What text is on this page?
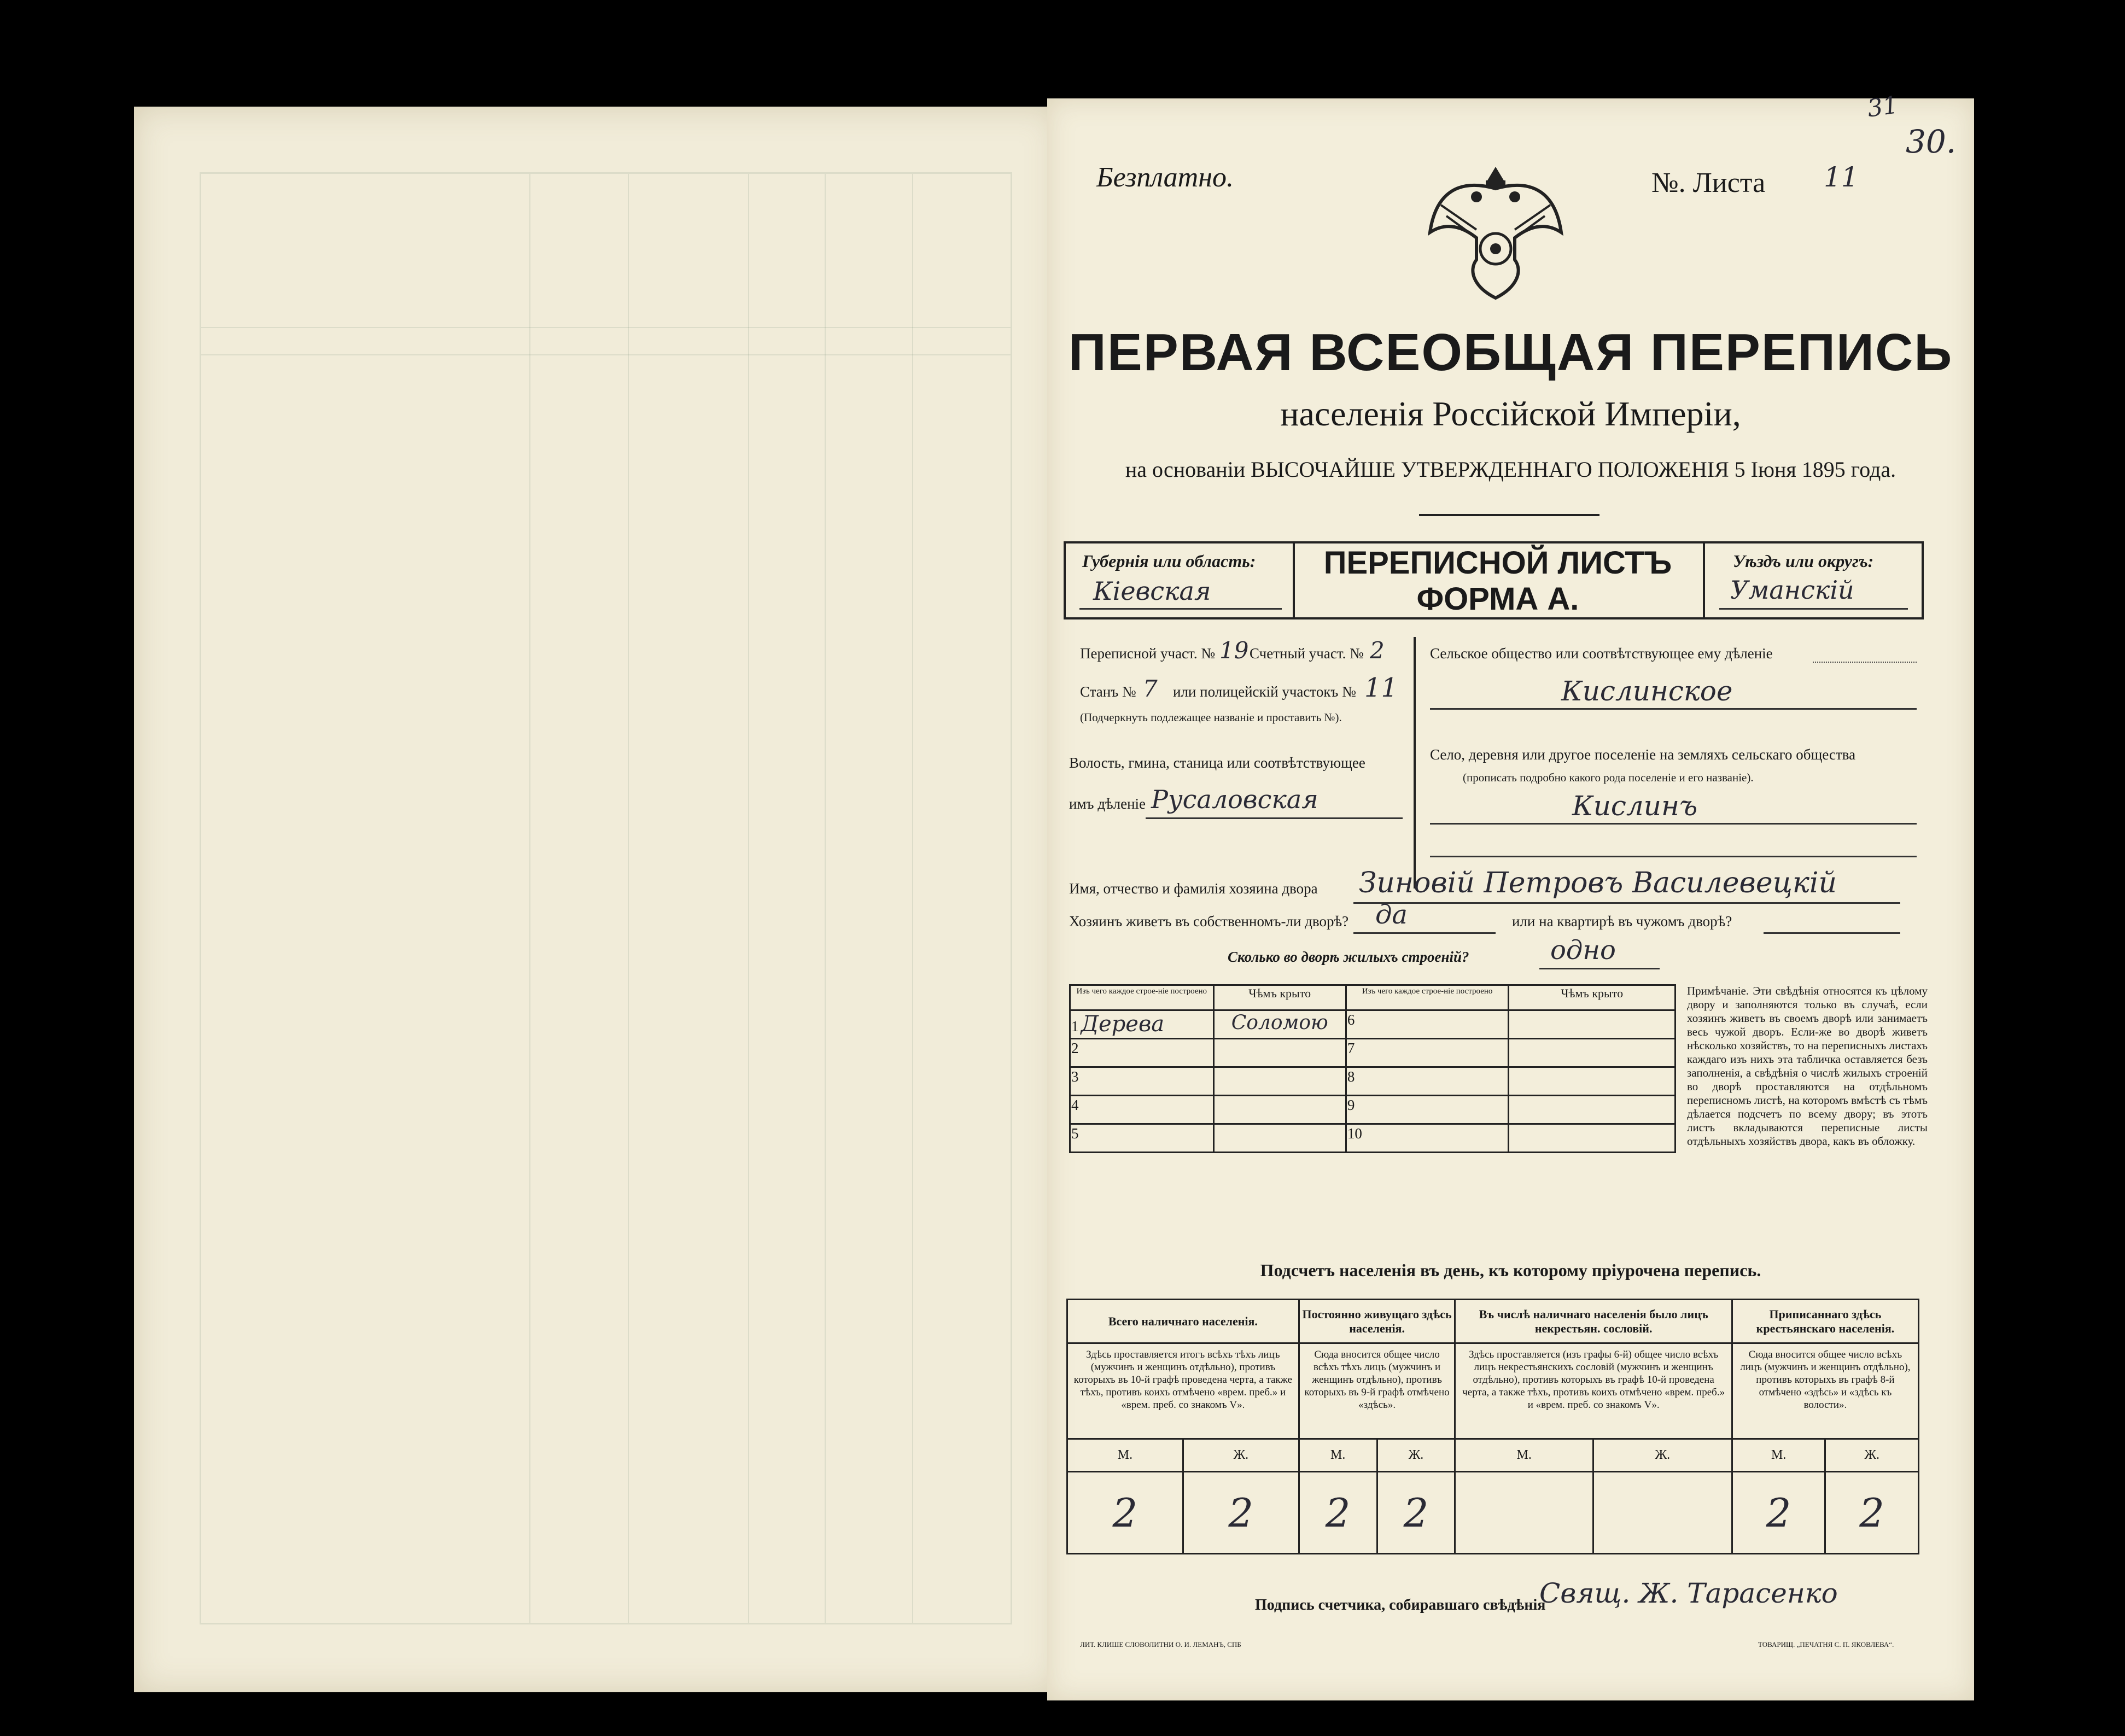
31
30.
Безплатно.	№. Листа 11
ПЕРВАЯ ВСЕОБЩАЯ ПЕРЕПИСЬ
населенія Россійской Имперіи,
на основаніи ВЫСОЧАЙШЕ УТВЕРЖДЕННАГО ПОЛОЖЕНІЯ 5 Іюня 1895 года.
Губернія или область:
Кіевская
ПЕРЕПИСНОЙ ЛИСТЪ
ФОРМА А.
Уѣздъ или округъ:
Уманскій
Переписной участ. № 19 Счетный участ. № 2
Станъ № 7 или полицейскій участокъ № 11
(Подчеркнуть подлежащее названіе и проставить №).
Волость, гмина, станица или соотвѣтствующее
имъ дѣленіе Русаловская
Сельское общество или соотвѣтствующее ему дѣленіе
Кислинское
Село, деревня или другое поселеніе на земляхъ сельскаго общества
(прописать подробно какого рода поселеніе и его названіе).
Кислинъ
Имя, отчество и фамилія хозяина двора Зиновій Петровъ Василевецкій
Хозяинъ живетъ въ собственномъ-ли дворѣ? да	или на квартирѣ въ чужомъ дворѣ?
Сколько во дворѣ жилыхъ строеній?	одно
Изъ чего каждое строе-ніе построено	Чѣмъ крыто	Изъ чего каждое строе-ніе построено	Чѣмъ крыто
1 Дерева	Соломою	6	
2		7	
3		8	
4		9	
5		10	
Примѣчаніе. Эти свѣдѣнія относятся къ цѣлому двору и заполняются только въ случаѣ, если хозяинъ живетъ въ своемъ дворѣ или занимаетъ весь чужой дворъ. Если-же во дворѣ живетъ нѣсколько хозяйствъ, то на переписныхъ листахъ каждаго изъ нихъ эта табличка оставляется безъ заполненія, а свѣдѣнія о числѣ жилыхъ строеній во дворѣ проставляются на отдѣльномъ переписномъ листѣ, на которомъ вмѣстѣ съ тѣмъ дѣлается подсчетъ по всему двору; въ этотъ листъ вкладываются переписные листы отдѣльныхъ хозяйствъ двора, какъ въ обложку.
Подсчетъ населенія въ день, къ которому пріурочена перепись.
Всего наличнаго населенія.		Постоянно живущаго здѣсь населенія.		Въ числѣ наличнаго населенія было лицъ некрестьян. сословій.		Приписаннаго здѣсь крестьянскаго населенія.	
Здѣсь проставляется итогъ всѣхъ тѣхъ лицъ (мужчинъ и женщинъ отдѣльно), противъ которыхъ въ 10-й графѣ проведена черта, а также тѣхъ, противъ коихъ отмѣчено «врем. преб.» и «врем. преб. со знакомъ V».		Сюда вносится общее число всѣхъ тѣхъ лицъ (мужчинъ и женщинъ отдѣльно), противъ которыхъ въ 9-й графѣ отмѣчено «здѣсь».		Здѣсь проставляется (изъ графы 6-й) общее число всѣхъ лицъ некрестьянскихъ сословій (мужчинъ и женщинъ отдѣльно), противъ которыхъ въ графѣ 10-й проведена черта, а также тѣхъ, противъ коихъ отмѣчено «врем. преб.» и «врем. преб. со знакомъ V».		Сюда вносится общее число всѣхъ лицъ (мужчинъ и женщинъ отдѣльно), противъ которыхъ въ графѣ 8-й отмѣчено «здѣсь» и «здѣсь къ волости».	
М.	Ж.	М.	Ж.	М.	Ж.	М.	Ж.
2	2	2	2			2	2
Подпись счетчика, собиравшаго свѣдѣнія
Свящ. Ж. Тарасенко
ЛИТ. КЛИШЕ СЛОВОЛИТНИ О. И. ЛЕМАНЪ, СПБ	ТОВАРИЩ. „ПЕЧАТНЯ С. П. ЯКОВЛЕВА“.
